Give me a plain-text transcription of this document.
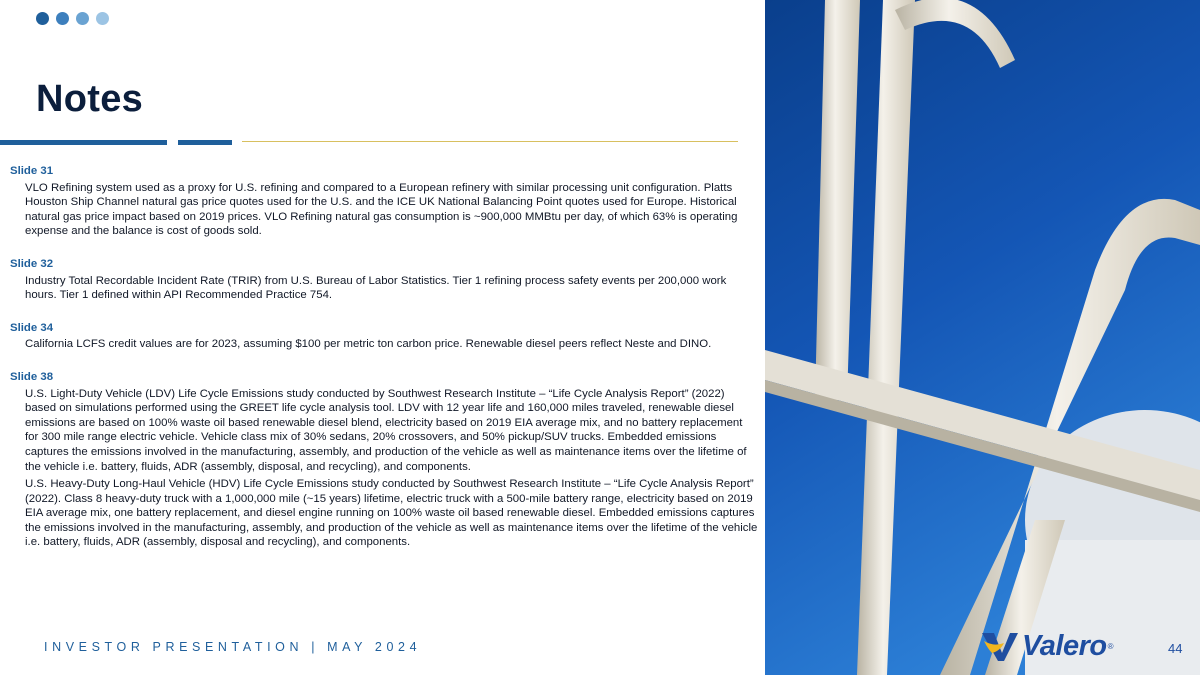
Notes
Slide 31

VLO Refining system used as a proxy for U.S. refining and compared to a European refinery with similar processing unit configuration. Platts Houston Ship Channel natural gas price quotes used for the U.S. and the ICE UK National Balancing Point quotes used for Europe. Historical natural gas price impact based on 2019 prices. VLO Refining natural gas consumption is ~900,000 MMBtu per day, of which 63% is operating expense and the balance is cost of goods sold.

Slide 32

Industry Total Recordable Incident Rate (TRIR) from U.S. Bureau of Labor Statistics. Tier 1 refining process safety events per 200,000 work hours. Tier 1 defined within API Recommended Practice 754.

Slide 34

California LCFS credit values are for 2023, assuming $100 per metric ton carbon price. Renewable diesel peers reflect Neste and DINO.

Slide 38

U.S. Light-Duty Vehicle (LDV) Life Cycle Emissions study conducted by Southwest Research Institute – “Life Cycle Analysis Report” (2022) based on simulations performed using the GREET life cycle analysis tool. LDV with 12 year life and 160,000 miles traveled, renewable diesel emissions are based on 100% waste oil based renewable diesel blend, electricity based on 2019 EIA average mix, and no battery replacement for 300 mile range electric vehicle. Vehicle class mix of 30% sedans, 20% crossovers, and 50% pickup/SUV trucks. Embedded emissions captures the emissions involved in the manufacturing, assembly, and production of the vehicle as well as maintenance items over the lifetime of the vehicle i.e. battery, fluids, ADR (assembly, disposal, and recycling), and components.

U.S. Heavy-Duty Long-Haul Vehicle (HDV) Life Cycle Emissions study conducted by Southwest Research Institute – “Life Cycle Analysis Report” (2022). Class 8 heavy-duty truck with a 1,000,000 mile (~15 years) lifetime, electric truck with a 500-mile battery range, electricity based on 2019 EIA average mix, one battery replacement, and diesel engine running on 100% waste oil based renewable diesel. Embedded emissions captures the emissions involved in the manufacturing, assembly, and production of the vehicle as well as maintenance items over the lifetime of the vehicle i.e. battery, fluids, ADR (assembly, disposal and recycling), and components.

INVESTOR PRESENTATION | MAY 2024	Valero ®	44
